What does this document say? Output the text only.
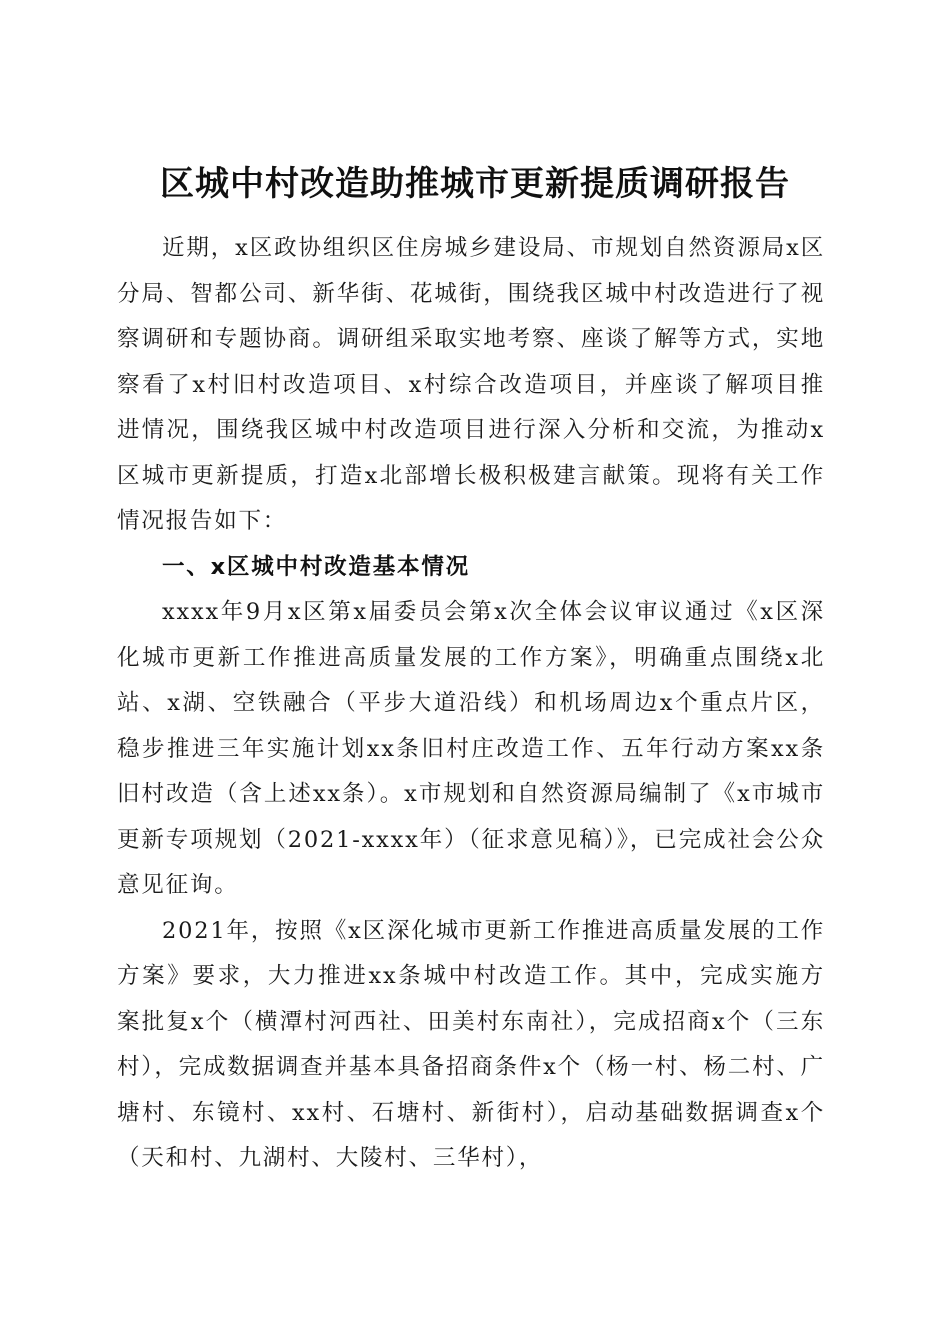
区城中村改造助推城市更新提质调研报告

近期，x区政协组织区住房城乡建设局、市规划自然资源局x区分局、智都公司、新华街、花城街，围绕我区城中村改造进行了视察调研和专题协商。调研组采取实地考察、座谈了解等方式，实地察看了x村旧村改造项目、x村综合改造项目，并座谈了解项目推进情况，围绕我区城中村改造项目进行深入分析和交流，为推动x区城市更新提质，打造x北部增长极积极建言献策。现将有关工作情况报告如下：

一、x区城中村改造基本情况

xxxx年9月x区第x届委员会第x次全体会议审议通过《x区深化城市更新工作推进高质量发展的工作方案》，明确重点围绕x北站、x湖、空铁融合（平步大道沿线）和机场周边x个重点片区，稳步推进三年实施计划xx条旧村庄改造工作、五年行动方案xx条旧村改造（含上述xx条）。x市规划和自然资源局编制了《x市城市更新专项规划（2021-xxxx年）（征求意见稿）》，已完成社会公众意见征询。

2021年，按照《x区深化城市更新工作推进高质量发展的工作方案》要求，大力推进xx条城中村改造工作。其中，完成实施方案批复x个（横潭村河西社、田美村东南社），完成招商x个（三东村），完成数据调查并基本具备招商条件x个（杨一村、杨二村、广塘村、东镜村、xx村、石塘村、新街村），启动基础数据调查x个（天和村、九湖村、大陵村、三华村），
